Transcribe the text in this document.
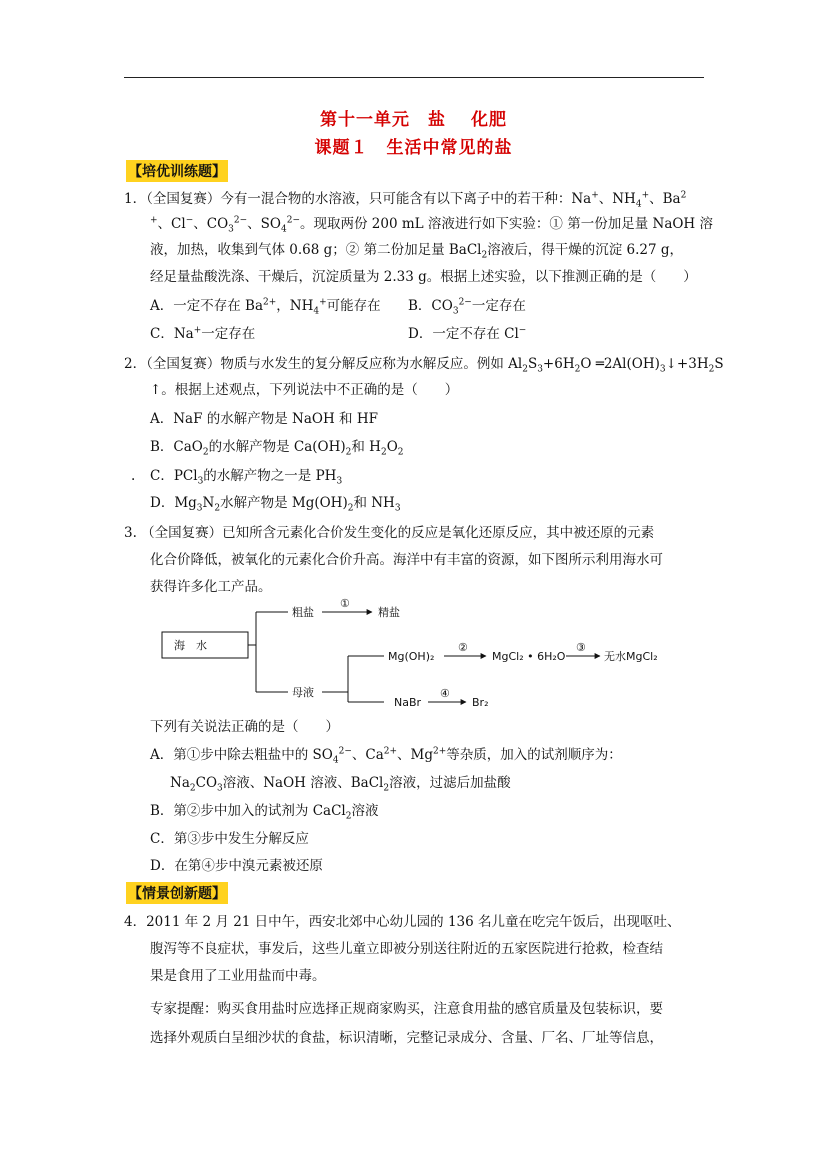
第十一单元　盐　 化肥
课题１　生活中常见的盐
【培优训练题】
1．（全国复赛）今有一混合物的水溶液，只可能含有以下离子中的若干种：Na+、$NH_4^+$、Ba$^2$
+、Cl−、$CO_3^{2-}$、$SO_4^{2-}$。现取两份 200 mL 溶液进行如下实验：① 第一份加足量 NaOH 溶
液，加热，收集到气体 0.68 g；② 第二份加足量 BaCl$_2$溶液后，得干燥的沉淀 6.27 g，
经足量盐酸洗涤、干燥后，沉淀质量为 2.33 g。根据上述实验，以下推测正确的是（　　）
A．一定不存在 $Ba^{2+}$，$NH_4^+$可能存在 B．$CO_3^{2-}$一定存在
C．Na+一定存在	D．一定不存在 Cl−
2．（全国复赛）物质与水发生的复分解反应称为水解反应。例如 $Al_2S_3+6H_2O$ $═2Al(OH)_3↓+3H_2S$
↑。根据上述观点，下列说法中不正确的是（　　）
A．NaF 的水解产物是 NaOH 和 HF
B．CaO$_2$的水解产物是 $Ca(OH)_2$和 $H_2O_2$
. C．PCl$_3$的水解产物之一是 $PH_3$
D．$Mg_3N_2$水解产物是 $Mg(OH)_2$和 $NH_3$
3. （全国复赛）已知所含元素化合价发生变化的反应是氧化还原反应，其中被还原的元素
化合价降低，被氧化的元素化合价升高。海洋中有丰富的资源，如下图所示利用海水可
获得许多化工产品。
海　水
粗盐
①
精盐
母液
Mg(OH)₂
②
MgCl₂ • 6H₂O
③
无水MgCl₂
NaBr
④
Br₂
下列有关说法正确的是（　　）
A．第①步中除去粗盐中的 $SO_4^{2-}$、$Ca^{2+}$、$Mg^{2+}$等杂质，加入的试剂顺序为：
$Na_2CO_3$溶液、NaOH 溶液、BaCl$_2$溶液，过滤后加盐酸
B．第②步中加入的试剂为 CaCl$_2$溶液
C．第③步中发生分解反应
D．在第④步中溴元素被还原
【情景创新题】
4．2011 年 2 月 21 日中午，西安北郊中心幼儿园的 136 名儿童在吃完午饭后，出现呕吐、
腹泻等不良症状，事发后，这些儿童立即被分别送往附近的五家医院进行抢救，检查结
果是食用了工业用盐而中毒。
专家提醒：购买食用盐时应选择正规商家购买，注意食用盐的感官质量及包装标识，要
选择外观质白呈细沙状的食盐，标识清晰，完整记录成分、含量、厂名、厂址等信息，
